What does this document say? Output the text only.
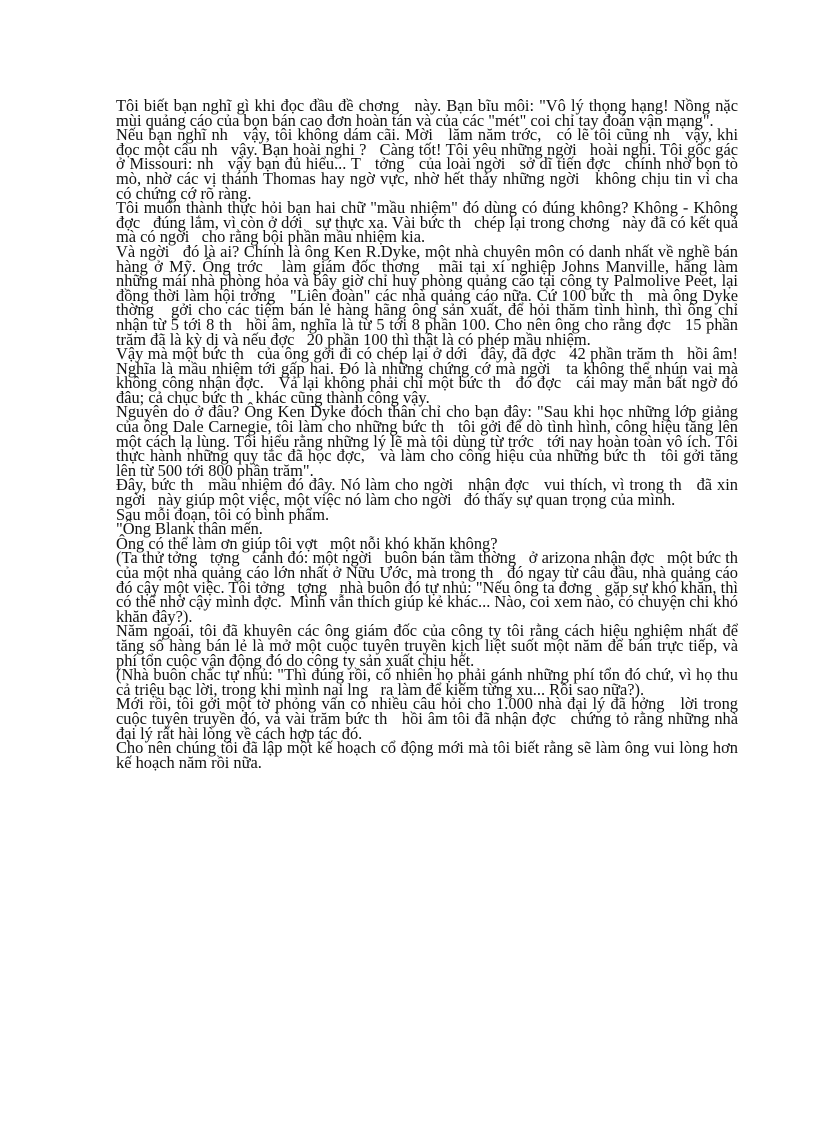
Tôi biết bạn nghĩ gì khi đọc đầu đề chơng   này. Bạn bĩu môi: "Vô lý thọng hạng! Nồng nặc mùi quảng cáo của bọn bán cao đơn hoàn tán và của các "mét" coi chỉ tay đoán vận mạng".

Nếu bạn nghĩ nh   vậy, tôi không dám cãi. Mời   lăm năm trớc,   có lẽ tôi cũng nh   vậy, khi đọc một câu nh   vậy. Bạn hoài nghi ?   Càng tốt! Tôi yêu những ngời   hoài nghi. Tôi gốc gác ở Missouri: nh   vậy bạn đủ hiểu... T   tởng   của loài ngời   sở dĩ tiến đợc   chính nhờ bọn tò mò, nhờ các vị thánh Thomas hay ngờ vực, nhờ hết thảy những ngời   không chịu tin vì cha   có chứng cớ rõ ràng.

Tôi muốn thành thực hỏi bạn hai chữ "mầu nhiệm" đó dùng có đúng không? Không - Không đợc   đúng lắm, vì còn ở dới   sự thực xa. Vài bức th   chép lại trong chơng   này đã có kết quả mà có ngời   cho rằng bội phần mầu nhiệm kia.

Và ngời   đó là ai? Chính là ông Ken R.Dyke, một nhà chuyên môn có danh nhất về nghề bán hàng ở Mỹ. Ông trớc   làm giám đốc thơng   mãi tại xí nghiệp Johns Manville, hãng làm những mái nhà phòng hỏa và bây giờ chỉ huy phòng quảng cáo tại công ty Palmolive Peet, lại đồng thời làm hội trởng   "Liên đoàn" các nhà quảng cáo nữa. Cứ 100 bức th   mà ông Dyke thờng   gởi cho các tiệm bán lẻ hàng hãng ông sản xuất, để hỏi thăm tình hình, thì ông chỉ nhận từ 5 tới 8 th   hồi âm, nghĩa là từ 5 tới 8 phần 100. Cho nên ông cho rằng đợc   15 phần trăm đã là kỳ dị và nếu đợc   20 phần 100 thì thật là có phép mầu nhiệm.

Vậy mà một bức th   của ông gởi đi có chép lại ở dới   đây, đã đợc   42 phần trăm th   hồi âm! Nghĩa là mầu nhiệm tới gấp hai. Đó là những chứng cớ mà ngời   ta không thể nhún vai mà không công nhận đợc.   Vả lại không phải chỉ một bức th   đó đợc   cái may mắn bất ngờ đó đâu; cả chục bức th   khác cũng thành công vậy.

Nguyên do ở đâu? Ông Ken Dyke đóch thân chỉ cho bạn đây: "Sau khi học những lớp giảng của ông Dale Carnegie, tôi làm cho những bức th   tôi gởi để dò tình hình, công hiệu tăng lên một cách lạ lùng. Tôi hiểu rằng những lý lẽ mà tôi dùng từ trớc   tới nay hoàn toàn vô ích. Tôi thực hành những quy tắc đã học đợc,   và làm cho công hiệu của những bức th   tôi gởi tăng lên từ 500 tới 800 phần trăm".

Đây, bức th   mầu nhiệm đó đây. Nó làm cho ngời   nhận đợc   vui thích, vì trong th   đã xin ngời   này giúp một việc, một việc nó làm cho ngời   đó thấy sự quan trọng của mình.

Sau mỗi đoạn, tôi có bình phẩm.

"Ông Blank thân mến.

Ông có thể làm ơn giúp tôi vợt   một nỗi khó khăn không?

(Ta thử tởng   tợng   cảnh đó: một ngời   buôn bán tầm thờng   ở arizona nhận đợc   một bức th   của một nhà quảng cáo lớn nhất ở Nữu Ước, mà trong th   đó ngay từ câu đầu, nhà quảng cáo đó cậy một việc. Tôi tởng   tợng   nhà buôn đó tự nhủ: "Nếu ông ta đơng   gặp sự khó khăn, thì có thể nhờ cậy mình đợc.  Mình vẫn thích giúp kẻ khác... Nào, coi xem nào, có chuyện chi khó khăn đây?).

Năm ngoái, tôi đã khuyên các ông giám đốc của công ty tôi rằng cách hiệu nghiệm nhất để tăng số hàng bán lẻ là mở một cuộc tuyên truyền kịch liệt suốt một năm để bán trực tiếp, và phí tổn cuộc vận động đó do công ty sản xuất chịu hết.

(Nhà buôn chắc tự nhủ: "Thì đúng rồi, cố nhiên họ phải gánh những phí tổn đó chứ, vì họ thu cả triệu bạc lời, trong khi mình nai lng   ra làm để kiếm từng xu... Rồi sao nữa?).

Mới rồi, tôi gởi một tờ phỏng vấn có nhiều câu hỏi cho 1.000 nhà đại lý đã hởng   lời trong cuộc tuyên truyền đó, và vài trăm bức th   hồi âm tôi đã nhận đợc   chứng tỏ rằng những nhà đại lý rất hài lòng về cách hợp tác đó.

Cho nên chúng tôi đã lập một kế hoạch cổ động mới mà tôi biết rằng sẽ làm ông vui lòng hơn kế hoạch năm rồi nữa.
